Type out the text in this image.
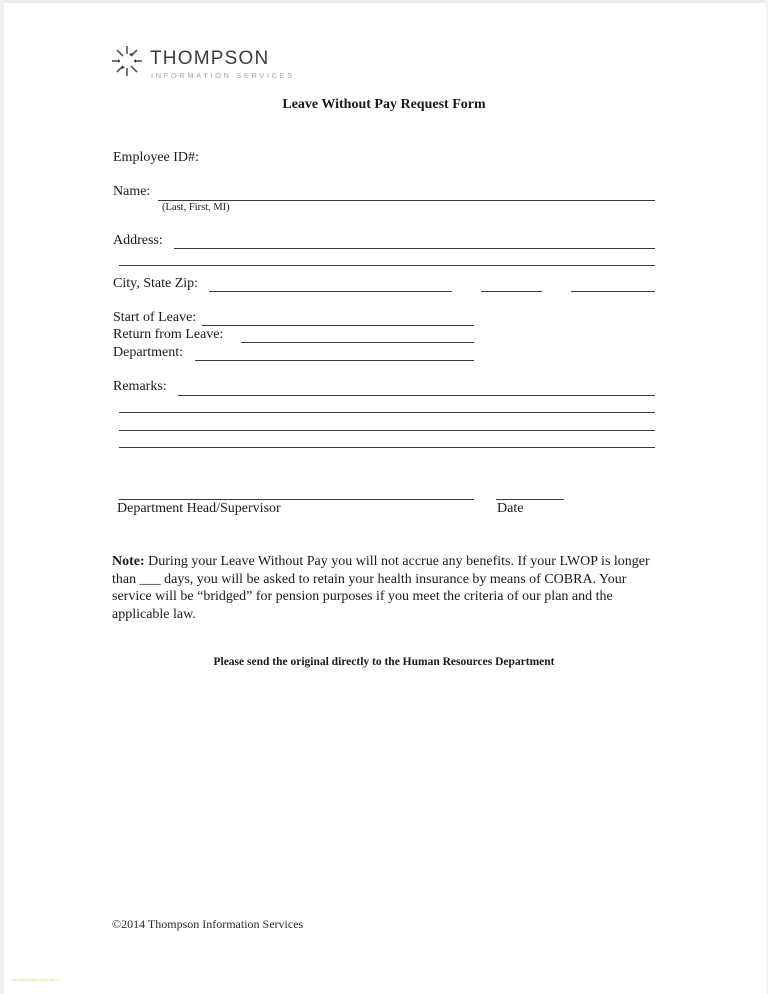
THOMPSON
INFORMATION SERVICES
Leave Without Pay Request Form
Employee ID#:
Name:
(Last, First, MI)
Address:
City, State Zip:
Start of Leave:
Return from Leave:
Department:
Remarks:
Department Head/Supervisor	Date
Note: During your Leave Without Pay you will not accrue any benefits. If your LWOP is longer than ___ days, you will be asked to retain your health insurance by means of COBRA. Your service will be “bridged” for pension purposes if you meet the criteria of our plan and the applicable law.
Please send the original directly to the Human Resources Department
©2014 Thompson Information Services
mediaformatsandmedia.co
